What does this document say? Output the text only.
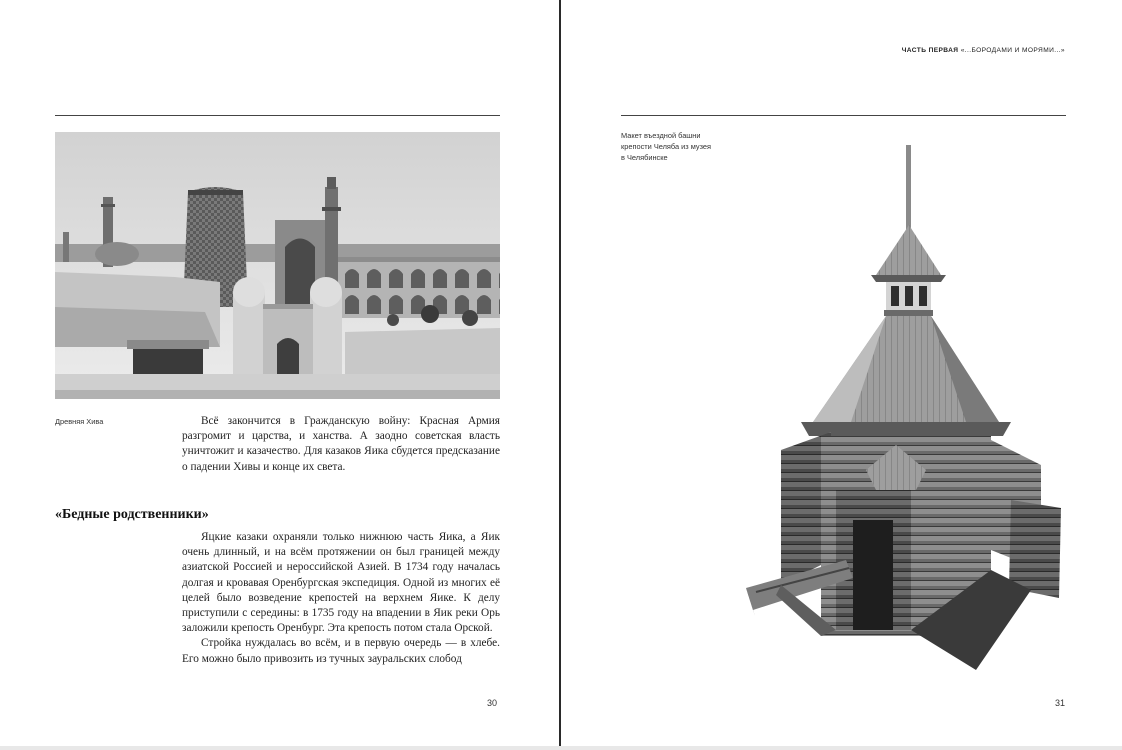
Древняя Хива	Всё закончится в Гражданскую войну: Красная Армия разгромит и царства, и ханства. А заодно советская власть уничтожит и казачество. Для казаков Яика сбудется предсказание о падении Хивы и конце их света.

«Бедные родственники»

Яцкие казаки охраняли только нижнюю часть Яика, а Яик очень длинный, и на всём протяжении он был границей между азиатской Россией и нероссийской Азией. В 1734 году началась долгая и кровавая Оренбургская экспедиция. Одной из многих её целей было возведение крепостей на верхнем Яике. К делу приступили с середины: в 1735 году на впадении в Яик реки Орь заложили крепость Оренбург. Эта крепость потом стала Орской.

Стройка нуждалась во всём, и в первую очередь — в хлебе. Его можно было привозить из тучных зауральских слобод

30
ЧАСТЬ ПЕРВАЯ «...БОРОДАМИ И МОРЯМИ...»
Макет въездной башни
крепости Челяба из музея
в Челябинске
31
